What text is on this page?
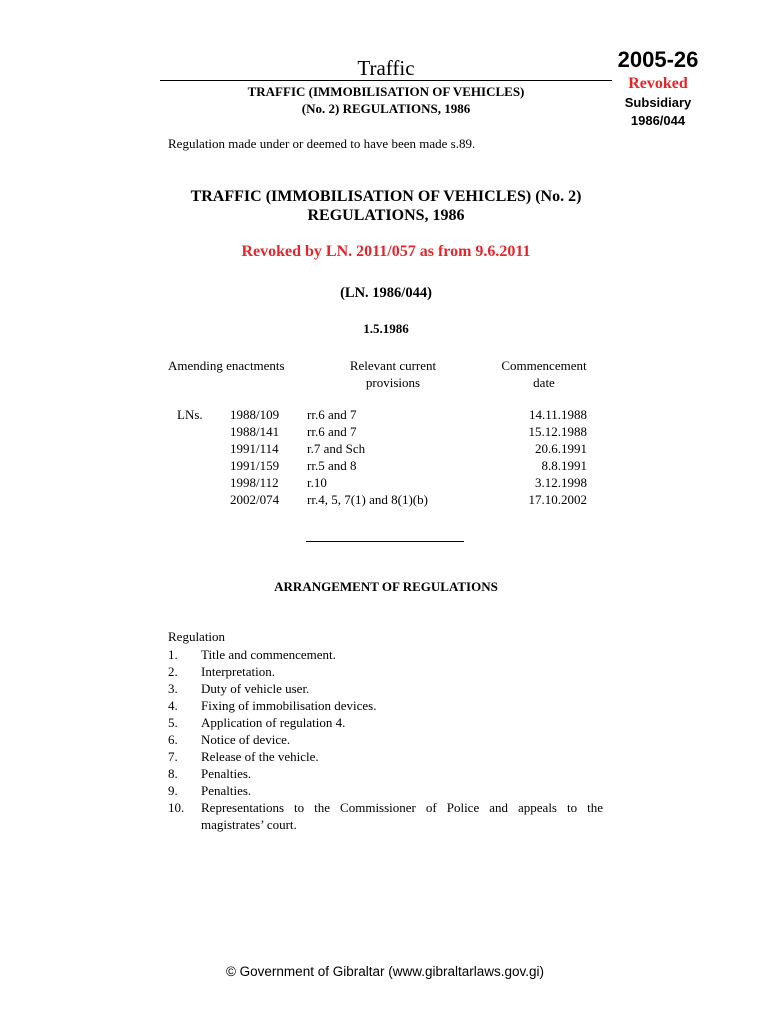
Traffic
TRAFFIC (IMMOBILISATION OF VEHICLES)
(No. 2) REGULATIONS, 1986
2005-26
Revoked
Subsidiary
1986/044
Regulation made under or deemed to have been made s.89.
TRAFFIC (IMMOBILISATION OF VEHICLES) (No. 2)
REGULATIONS, 1986
Revoked by LN. 2011/057 as from 9.6.2011
(LN. 1986/044)
1.5.1986
Amending enactments	Relevant current
provisions
Commencement
date
LNs. 1988/109 rr.6 and 7	14.11.1988
1988/141 rr.6 and 7	15.12.1988
1991/114 r.7 and Sch	20.6.1991
1991/159 rr.5 and 8	8.8.1991
1998/112 r.10	3.12.1998
2002/074 rr.4, 5, 7(1) and 8(1)(b)	17.10.2002
ARRANGEMENT OF REGULATIONS
Regulation
1. Title and commencement.
2. Interpretation.
3. Duty of vehicle user.
4. Fixing of immobilisation devices.
5. Application of regulation 4.
6. Notice of device.
7. Release of the vehicle.
8. Penalties.
9. Penalties.
10. Representations to the Commissioner of Police and appeals to the magistrates’ court.
© Government of Gibraltar (www.gibraltarlaws.gov.gi)
